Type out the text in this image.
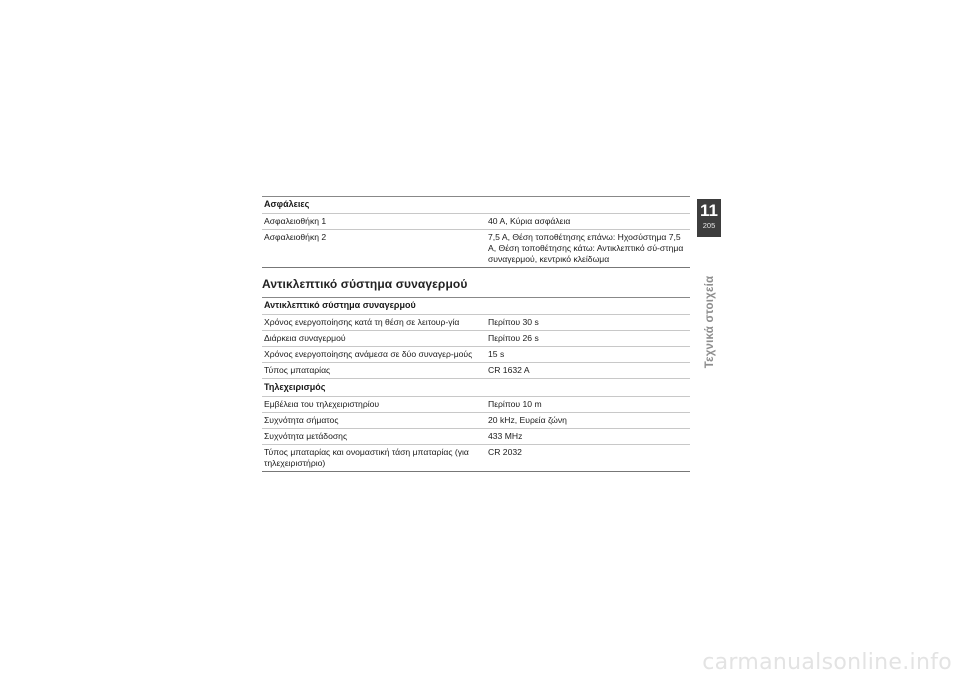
Ασφάλειες	
Ασφαλειοθήκη 1	40 A, Κύρια ασφάλεια
Ασφαλειοθήκη 2	7,5 A, Θέση τοποθέτησης επάνω: Ηχοσύστημα 7,5 A, Θέση τοποθέτησης κάτω: Αντικλεπτικό σύ-στημα συναγερμού, κεντρικό κλείδωμα
Αντικλεπτικό σύστημα συναγερμού
Αντικλεπτικό σύστημα συναγερμού	
Χρόνος ενεργοποίησης κατά τη θέση σε λειτουρ-γία	Περίπου 30 s
Διάρκεια συναγερμού	Περίπου 26 s
Χρόνος ενεργοποίησης ανάμεσα σε δύο συναγερ-μούς	15 s
Τύπος μπαταρίας	CR 1632 A
Τηλεχειρισμός	
Εμβέλεια του τηλεχειριστηρίου	Περίπου 10 m
Συχνότητα σήματος	20 kHz, Ευρεία ζώνη
Συχνότητα μετάδοσης	433 MHz
Τύπος μπαταρίας και ονομαστική τάση μπαταρίας (για τηλεχειριστήριο)	CR 2032
11
205
Τεχνικά στοιχεία
carmanualsonline.info
